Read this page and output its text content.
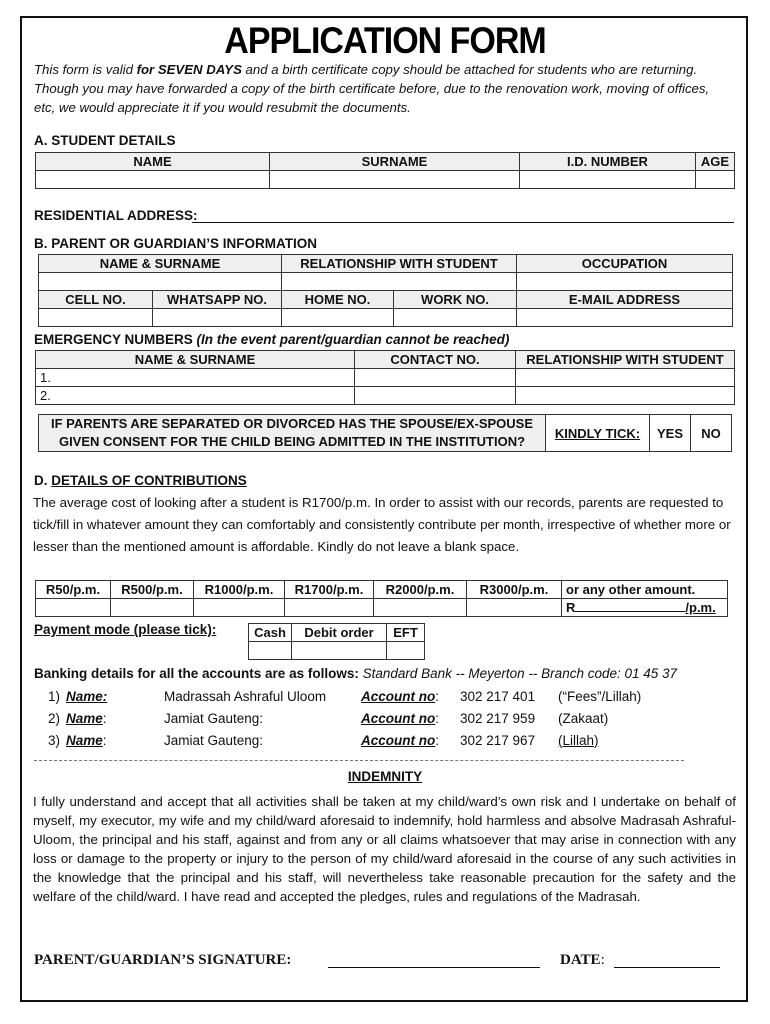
APPLICATION FORM
This form is valid for SEVEN DAYS and a birth certificate copy should be attached for students who are returning. Though you may have forwarded a copy of the birth certificate before, due to the renovation work, moving of offices, etc, we would appreciate it if you would resubmit the documents.
A. STUDENT DETAILS
NAME	SURNAME	I.D. NUMBER	AGE

RESIDENTIAL ADDRESS:
B. PARENT OR GUARDIAN’S INFORMATION
NAME & SURNAME		RELATIONSHIP WITH STUDENT		OCCUPATION

CELL NO.	WHATSAPP NO.	HOME NO.	WORK NO.	E-MAIL ADDRESS

EMERGENCY NUMBERS (In the event parent/guardian cannot be reached)
NAME & SURNAME	CONTACT NO.	RELATIONSHIP WITH STUDENT
1.		
2.		
IF PARENTS ARE SEPARATED OR DIVORCED HAS THE SPOUSE/EX-SPOUSE
GIVEN CONSENT FOR THE CHILD BEING ADMITTED IN THE INSTITUTION?	KINDLY TICK:	YES	NO
D. DETAILS OF CONTRIBUTIONS
The average cost of looking after a student is R1700/p.m. In order to assist with our records, parents are requested to tick/fill in whatever amount they can comfortably and consistently contribute per month, irrespective of whether more or lesser than the mentioned amount is affordable. Kindly do not leave a blank space.
R50/p.m.	R500/p.m.	R1000/p.m.	R1700/p.m.	R2000/p.m.	R3000/p.m.	or any other amount.
						R /p.m.
Payment mode (please tick):	Cash	Debit order	EFT

Banking details for all the accounts are as follows: Standard Bank -- Meyerton -- Branch code: 01 45 37
1)	Name:	Madrassah Ashraful Uloom	Account no:	302 217 401	(“Fees”/Lillah)
2)	Name:	Jamiat Gauteng:	Account no:	302 217 959	(Zakaat)
3)	Name:	Jamiat Gauteng:	Account no:	302 217 967	(Lillah)
INDEMNITY
I fully understand and accept that all activities shall be taken at my child/ward’s own risk and I undertake on behalf of myself, my executor, my wife and my child/ward aforesaid to indemnify, hold harmless and absolve Madrasah Ashraful-Uloom, the principal and his staff, against and from any or all claims whatsoever that may arise in connection with any loss or damage to the property or injury to the person of my child/ward aforesaid in the course of any such activities in the knowledge that the principal and his staff, will nevertheless take reasonable precaution for the safety and the welfare of the child/ward. I have read and accepted the pledges, rules and regulations of the Madrasah.
PARENT/GUARDIAN’S SIGNATURE:	DATE:
